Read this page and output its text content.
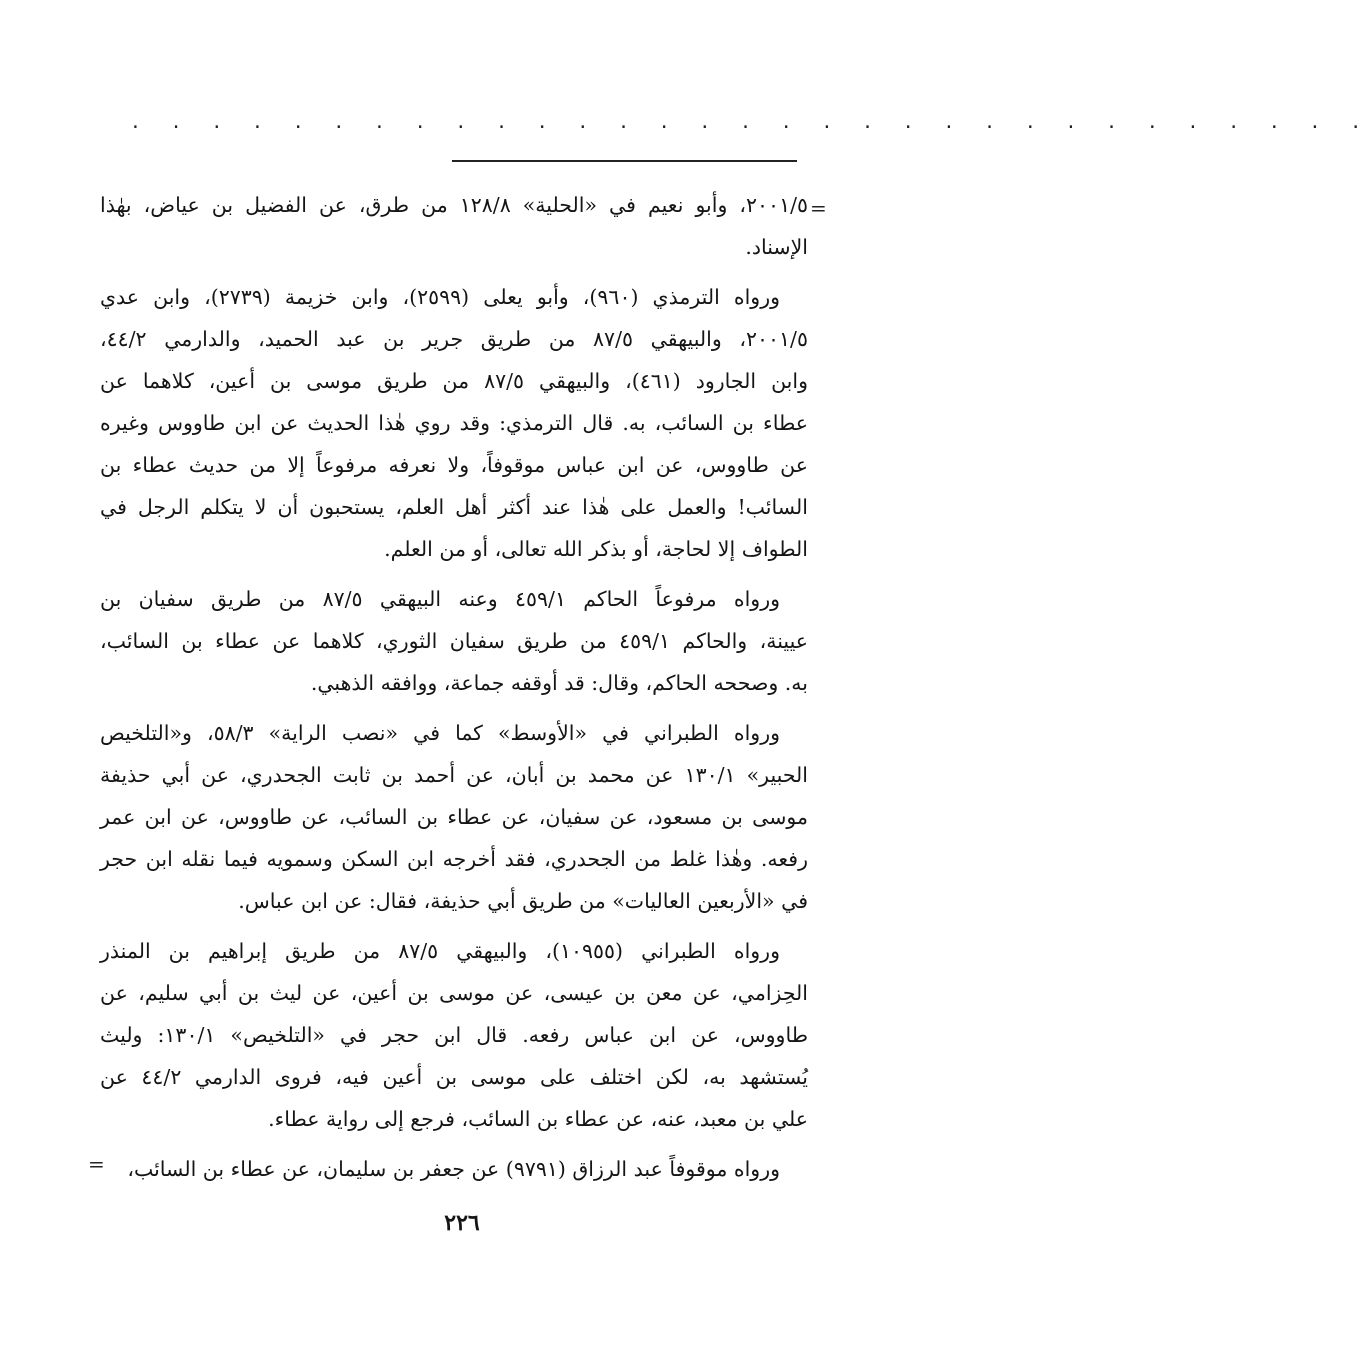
. . . . . . . . . . . . . . . . . . . . . . . . . . . . . . .
=

٢٠٠١/٥، وأبو نعيم في «الحلية» ١٢٨/٨ من طرق، عن الفضيل بن عياض، بهٰذا
الإسناد.

ورواه الترمذي (٩٦٠)، وأبو يعلى (٢٥٩٩)، وابن خزيمة (٢٧٣٩)، وابن عدي
٢٠٠١/٥، والبيهقي ٨٧/٥ من طريق جرير بن عبد الحميد، والدارمي ٤٤/٢،
وابن الجارود (٤٦١)، والبيهقي ٨٧/٥ من طريق موسى بن أعين، كلاهما عن
عطاء بن السائب، به. قال الترمذي: وقد روي هٰذا الحديث عن ابن طاووس وغيره
عن طاووس، عن ابن عباس موقوفاً، ولا نعرفه مرفوعاً إلا من حديث عطاء بن
السائب! والعمل على هٰذا عند أكثر أهل العلم، يستحبون أن لا يتكلم الرجل في
الطواف إلا لحاجة، أو بذكر الله تعالى، أو من العلم.

ورواه مرفوعاً الحاكم ٤٥٩/١ وعنه البيهقي ٨٧/٥ من طريق سفيان بن
عيينة، والحاكم ٤٥٩/١ من طريق سفيان الثوري، كلاهما عن عطاء بن السائب،
به. وصححه الحاكم، وقال: قد أوقفه جماعة، ووافقه الذهبي.

ورواه الطبراني في «الأوسط» كما في «نصب الراية» ٥٨/٣، و«التلخيص
الحبير» ١٣٠/١ عن محمد بن أبان، عن أحمد بن ثابت الجحدري، عن أبي حذيفة
موسى بن مسعود، عن سفيان، عن عطاء بن السائب، عن طاووس، عن ابن عمر
رفعه. وهٰذا غلط من الجحدري، فقد أخرجه ابن السكن وسمويه فيما نقله ابن حجر
في «الأربعين العاليات» من طريق أبي حذيفة، فقال: عن ابن عباس.

ورواه الطبراني (١٠٩٥٥)، والبيهقي ٨٧/٥ من طريق إبراهيم بن المنذر
الحِزامي، عن معن بن عيسى، عن موسى بن أعين، عن ليث بن أبي سليم، عن
طاووس، عن ابن عباس رفعه. قال ابن حجر في «التلخيص» ١٣٠/١: وليث
يُستشهد به، لكن اختلف على موسى بن أعين فيه، فروى الدارمي ٤٤/٢ عن
علي بن معبد، عنه، عن عطاء بن السائب، فرجع إلى رواية عطاء.

ورواه موقوفاً عبد الرزاق (٩٧٩١) عن جعفر بن سليمان، عن عطاء بن السائب،

=
٢٢٦
